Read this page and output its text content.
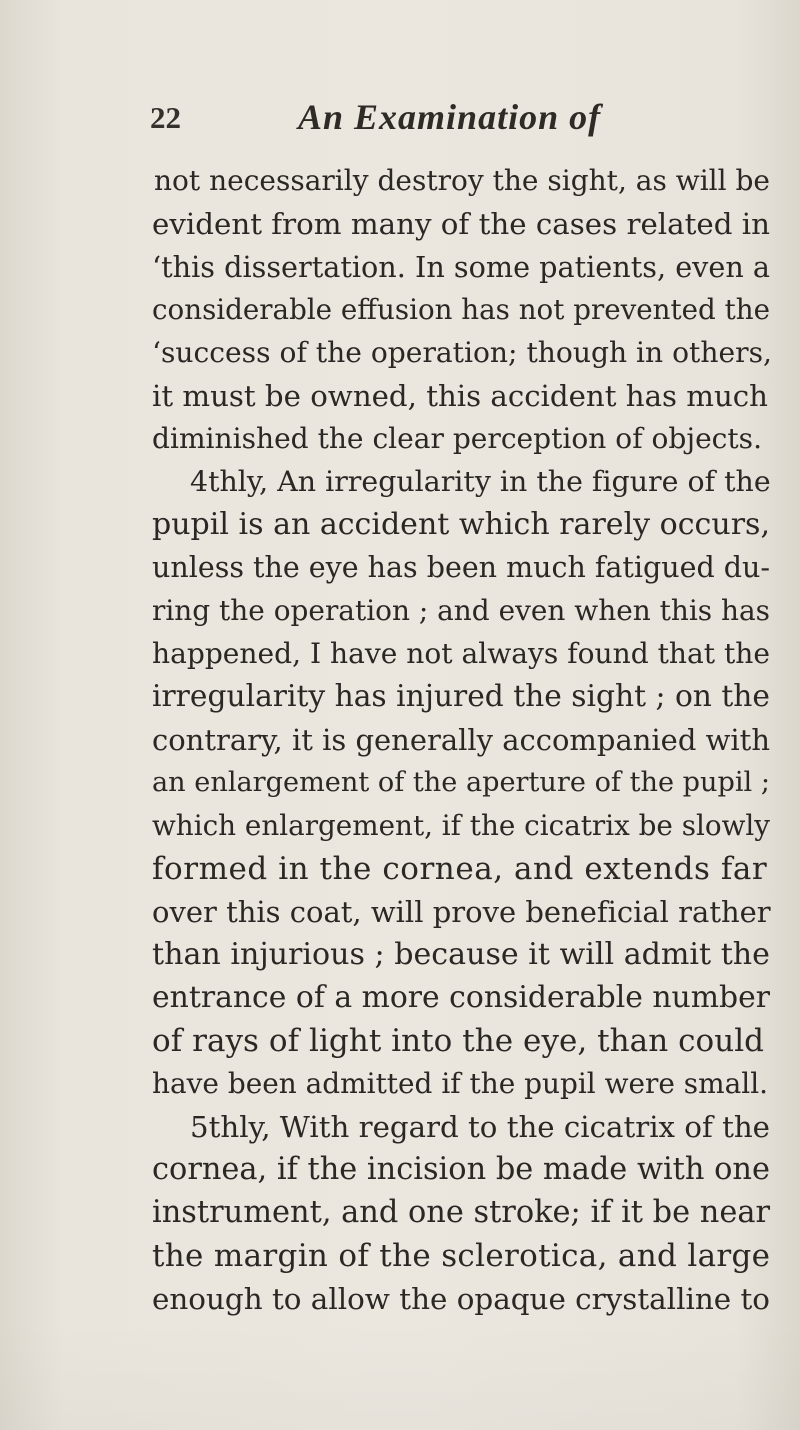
22	An Examination of
not necessarily destroy the sight, as will be
evident from many of the cases related in
‘this dissertation. In some patients, even a
considerable effusion has not prevented the
‘success of the operation; though in others,
it must be owned, this accident has much
diminished the clear perception of objects.
4thly, An irregularity in the figure of the
pupil is an accident which rarely occurs,
unless the eye has been much fatigued du-
ring the operation ; and even when this has
happened, I have not always found that the
irregularity has injured the sight ; on the
contrary, it is generally accompanied with
an enlargement of the aperture of the pupil ;
which enlargement, if the cicatrix be slowly
formed in the cornea, and extends far
over this coat, will prove beneficial rather
than injurious ; because it will admit the
entrance of a more considerable number
of rays of light into the eye, than could
have been admitted if the pupil were small.
5thly, With regard to the cicatrix of the
cornea, if the incision be made with one
instrument, and one stroke; if it be near
the margin of the sclerotica, and large
enough to allow the opaque crystalline to
